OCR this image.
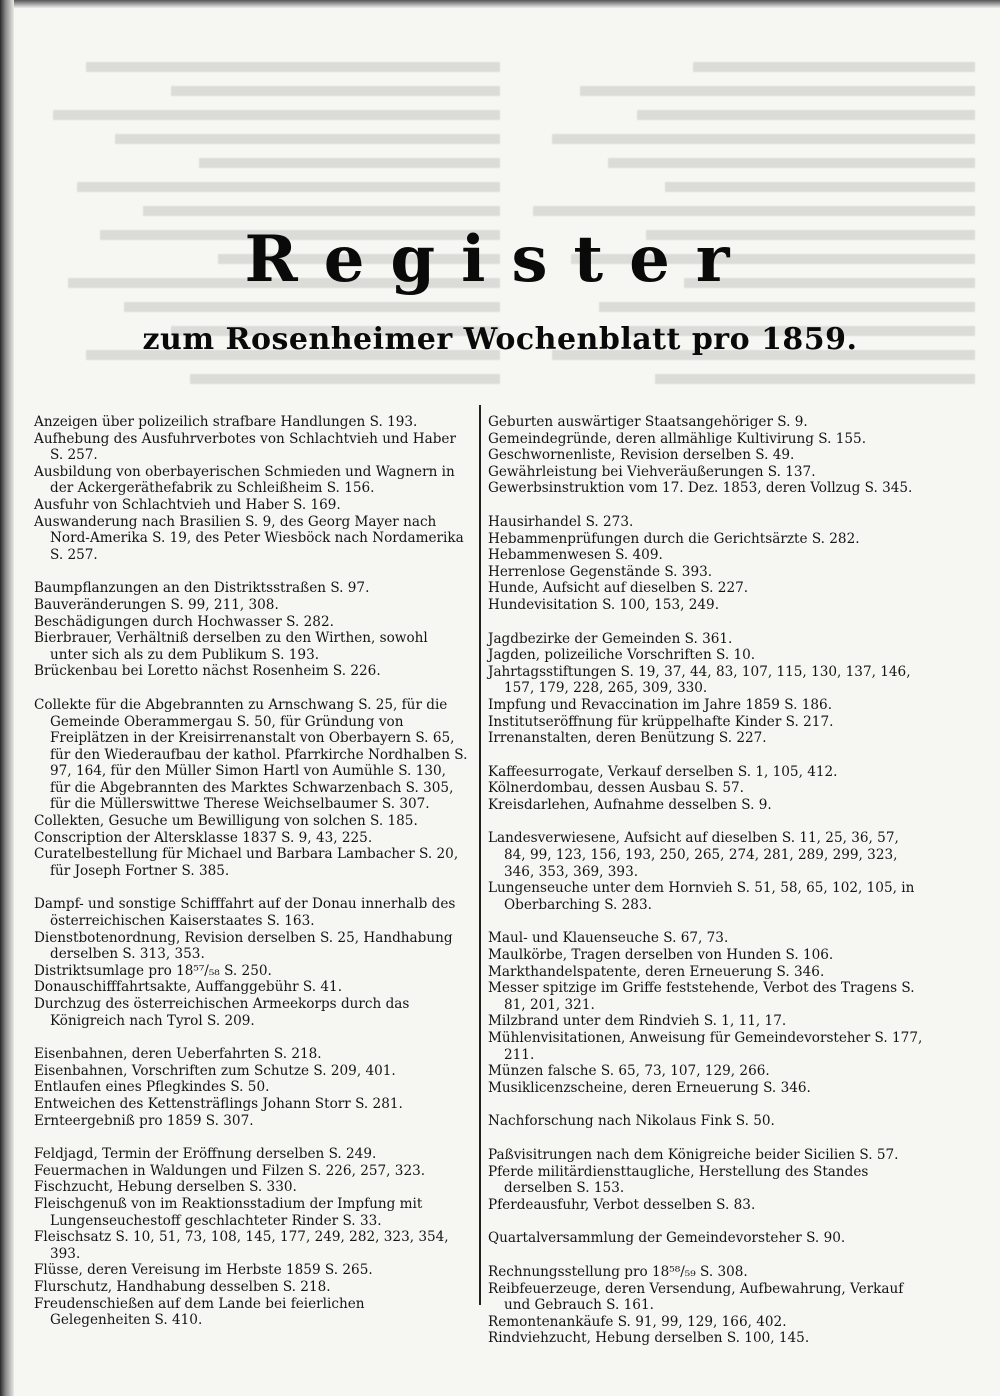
Register
zum Rosenheimer Wochenblatt pro 1859.
Anzeigen über polizeilich strafbare Handlungen S. 193.
Aufhebung des Ausfuhrverbotes von Schlachtvieh und Haber S. 257.
Ausbildung von oberbayerischen Schmieden und Wagnern in der Ackergeräthefabrik zu Schleißheim S. 156.
Ausfuhr von Schlachtvieh und Haber S. 169.
Auswanderung nach Brasilien S. 9, des Georg Mayer nach Nord-Amerika S. 19, des Peter Wiesböck nach Nordamerika S. 257.
Baumpflanzungen an den Distriktsstraßen S. 97.
Bauveränderungen S. 99, 211, 308.
Beschädigungen durch Hochwasser S. 282.
Bierbrauer, Verhältniß derselben zu den Wirthen, sowohl unter sich als zu dem Publikum S. 193.
Brückenbau bei Loretto nächst Rosenheim S. 226.
Collekte für die Abgebrannten zu Arnschwang S. 25, für die Gemeinde Oberammergau S. 50, für Gründung von Freiplätzen in der Kreisirrenanstalt von Oberbayern S. 65, für den Wiederaufbau der kathol. Pfarrkirche Nordhalben S. 97, 164, für den Müller Simon Hartl von Aumühle S. 130, für die Abgebrannten des Marktes Schwarzenbach S. 305, für die Müllerswittwe Therese Weichselbaumer S. 307.
Collekten, Gesuche um Bewilligung von solchen S. 185.
Conscription der Altersklasse 1837 S. 9, 43, 225.
Curatelbestellung für Michael und Barbara Lambacher S. 20, für Joseph Fortner S. 385.
Dampf- und sonstige Schifffahrt auf der Donau innerhalb des österreichischen Kaiserstaates S. 163.
Dienstbotenordnung, Revision derselben S. 25, Handhabung derselben S. 313, 353.
Distriktsumlage pro 18⁵⁷/₅₈ S. 250.
Donauschifffahrtsakte, Auffanggebühr S. 41.
Durchzug des österreichischen Armeekorps durch das Königreich nach Tyrol S. 209.
Eisenbahnen, deren Ueberfahrten S. 218.
Eisenbahnen, Vorschriften zum Schutze S. 209, 401.
Entlaufen eines Pflegkindes S. 50.
Entweichen des Kettensträflings Johann Storr S. 281.
Ernteergebniß pro 1859 S. 307.
Feldjagd, Termin der Eröffnung derselben S. 249.
Feuermachen in Waldungen und Filzen S. 226, 257, 323.
Fischzucht, Hebung derselben S. 330.
Fleischgenuß von im Reaktionsstadium der Impfung mit Lungenseuchestoff geschlachteter Rinder S. 33.
Fleischsatz S. 10, 51, 73, 108, 145, 177, 249, 282, 323, 354, 393.
Flüsse, deren Vereisung im Herbste 1859 S. 265.
Flurschutz, Handhabung desselben S. 218.
Freudenschießen auf dem Lande bei feierlichen Gelegenheiten S. 410.
Geburten auswärtiger Staatsangehöriger S. 9.
Gemeindegründe, deren allmählige Kultivirung S. 155.
Geschwornenliste, Revision derselben S. 49.
Gewährleistung bei Viehveräußerungen S. 137.
Gewerbsinstruktion vom 17. Dez. 1853, deren Vollzug S. 345.
Hausirhandel S. 273.
Hebammenprüfungen durch die Gerichtsärzte S. 282.
Hebammenwesen S. 409.
Herrenlose Gegenstände S. 393.
Hunde, Aufsicht auf dieselben S. 227.
Hundevisitation S. 100, 153, 249.
Jagdbezirke der Gemeinden S. 361.
Jagden, polizeiliche Vorschriften S. 10.
Jahrtagsstiftungen S. 19, 37, 44, 83, 107, 115, 130, 137, 146, 157, 179, 228, 265, 309, 330.
Impfung und Revaccination im Jahre 1859 S. 186.
Institutseröffnung für krüppelhafte Kinder S. 217.
Irrenanstalten, deren Benützung S. 227.
Kaffeesurrogate, Verkauf derselben S. 1, 105, 412.
Kölnerdombau, dessen Ausbau S. 57.
Kreisdarlehen, Aufnahme desselben S. 9.
Landesverwiesene, Aufsicht auf dieselben S. 11, 25, 36, 57, 84, 99, 123, 156, 193, 250, 265, 274, 281, 289, 299, 323, 346, 353, 369, 393.
Lungenseuche unter dem Hornvieh S. 51, 58, 65, 102, 105, in Oberbarching S. 283.
Maul- und Klauenseuche S. 67, 73.
Maulkörbe, Tragen derselben von Hunden S. 106.
Markthandelspatente, deren Erneuerung S. 346.
Messer spitzige im Griffe feststehende, Verbot des Tragens S. 81, 201, 321.
Milzbrand unter dem Rindvieh S. 1, 11, 17.
Mühlenvisitationen, Anweisung für Gemeindevorsteher S. 177, 211.
Münzen falsche S. 65, 73, 107, 129, 266.
Musiklicenzscheine, deren Erneuerung S. 346.
Nachforschung nach Nikolaus Fink S. 50.
Paßvisitrungen nach dem Königreiche beider Sicilien S. 57.
Pferde militärdiensttaugliche, Herstellung des Standes derselben S. 153.
Pferdeausfuhr, Verbot desselben S. 83.
Quartalversammlung der Gemeindevorsteher S. 90.
Rechnungsstellung pro 18⁵⁸/₅₉ S. 308.
Reibfeuerzeuge, deren Versendung, Aufbewahrung, Verkauf und Gebrauch S. 161.
Remontenankäufe S. 91, 99, 129, 166, 402.
Rindviehzucht, Hebung derselben S. 100, 145.
